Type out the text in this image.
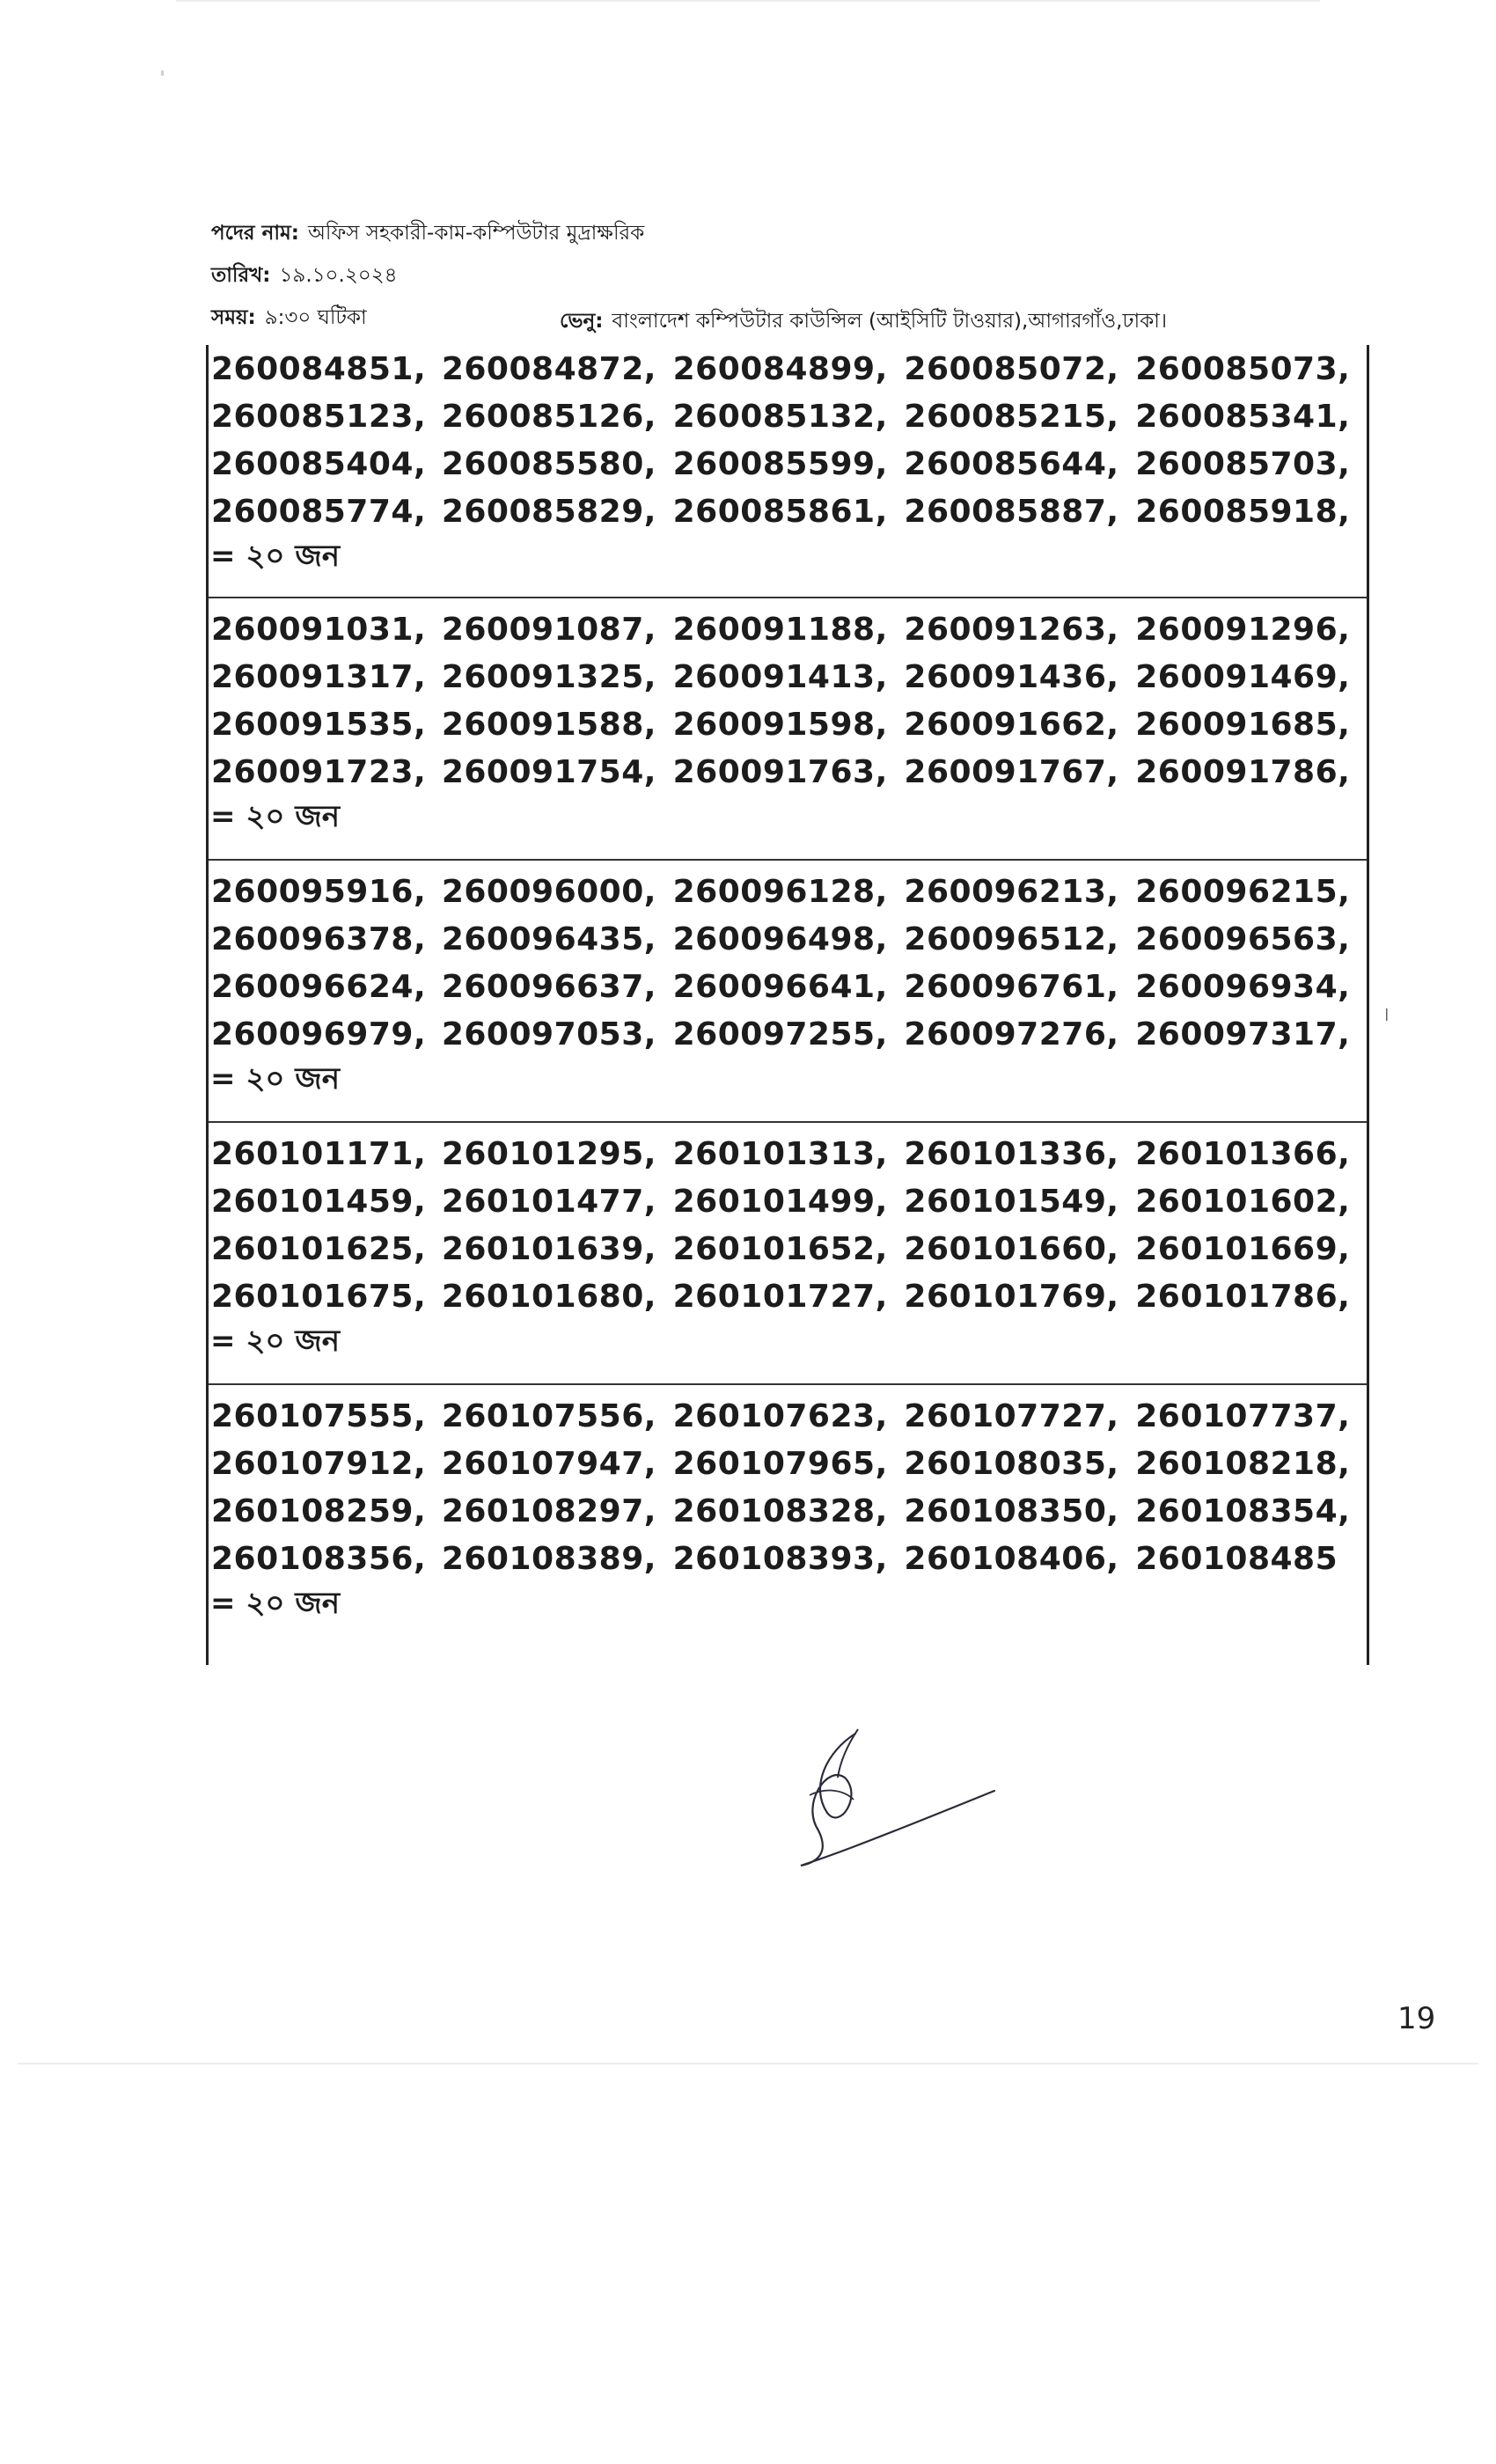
পদের নাম: অফিস সহকারী-কাম-কম্পিউটার মুদ্রাক্ষরিক
তারিখ: ১৯.১০.২০২৪
সময়: ৯:৩০ ঘটিকা	ভেনু: বাংলাদেশ কম্পিউটার কাউন্সিল (আইসিটি টাওয়ার),আগারগাঁও,ঢাকা।
260084851, 260084872, 260084899, 260085072, 260085073,
260085123, 260085126, 260085132, 260085215, 260085341,
260085404, 260085580, 260085599, 260085644, 260085703,
260085774, 260085829, 260085861, 260085887, 260085918,
= ২০ জন
260091031, 260091087, 260091188, 260091263, 260091296,
260091317, 260091325, 260091413, 260091436, 260091469,
260091535, 260091588, 260091598, 260091662, 260091685,
260091723, 260091754, 260091763, 260091767, 260091786,
= ২০ জন
260095916, 260096000, 260096128, 260096213, 260096215,
260096378, 260096435, 260096498, 260096512, 260096563,
260096624, 260096637, 260096641, 260096761, 260096934,
260096979, 260097053, 260097255, 260097276, 260097317,
= ২০ জন
260101171, 260101295, 260101313, 260101336, 260101366,
260101459, 260101477, 260101499, 260101549, 260101602,
260101625, 260101639, 260101652, 260101660, 260101669,
260101675, 260101680, 260101727, 260101769, 260101786,
= ২০ জন
260107555, 260107556, 260107623, 260107727, 260107737,
260107912, 260107947, 260107965, 260108035, 260108218,
260108259, 260108297, 260108328, 260108350, 260108354,
260108356, 260108389, 260108393, 260108406, 260108485
= ২০ জন
৷
19
